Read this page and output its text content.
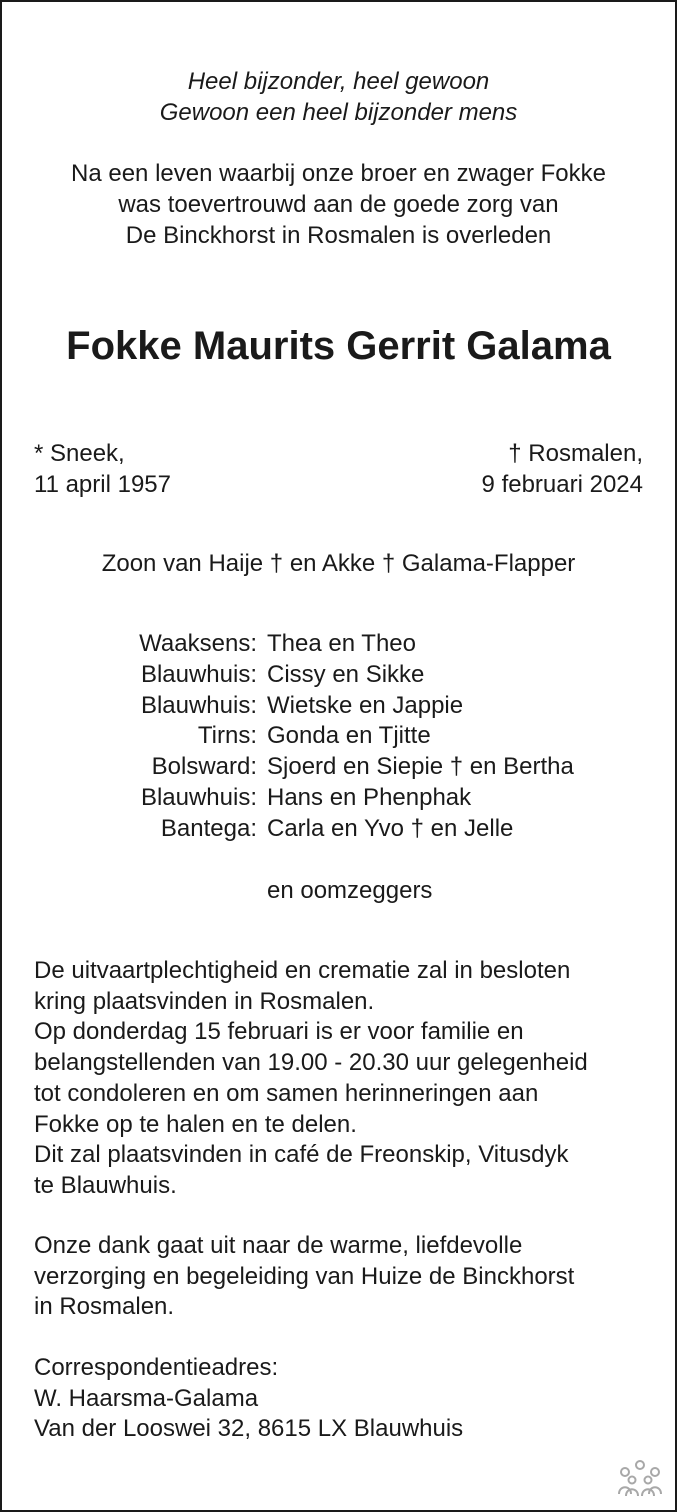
Heel bijzonder, heel gewoon
Gewoon een heel bijzonder mens
Na een leven waarbij onze broer en zwager Fokke
was toevertrouwd aan de goede zorg van
De Binckhorst in Rosmalen is overleden
Fokke Maurits Gerrit Galama
* Sneek,
11 april 1957
† Rosmalen,
9 februari 2024
Zoon van Haije † en Akke † Galama-Flapper
Waaksens: Thea en Theo
Blauwhuis: Cissy en Sikke
Blauwhuis: Wietske en Jappie
Tirns: Gonda en Tjitte
Bolsward: Sjoerd en Siepie † en Bertha
Blauwhuis: Hans en Phenphak
Bantega: Carla en Yvo † en Jelle
en oomzeggers
De uitvaartplechtigheid en crematie zal in besloten
kring plaatsvinden in Rosmalen.
Op donderdag 15 februari is er voor familie en
belangstellenden van 19.00 - 20.30 uur gelegenheid
tot condoleren en om samen herinneringen aan
Fokke op te halen en te delen.
Dit zal plaatsvinden in café de Freonskip, Vitusdyk
te Blauwhuis.
Onze dank gaat uit naar de warme, liefdevolle
verzorging en begeleiding van Huize de Binckhorst
in Rosmalen.
Correspondentieadres:
W. Haarsma-Galama
Van der Looswei 32, 8615 LX Blauwhuis
